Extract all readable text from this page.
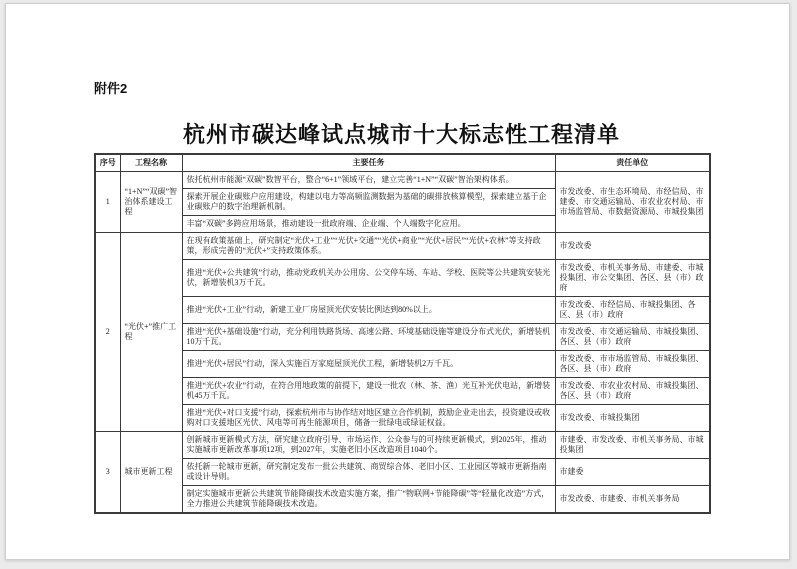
附件2
杭州市碳达峰试点城市十大标志性工程清单
序号	工程名称	主要任务	责任单位
1	“1+N”“双碳”智治体系建设工程	依托杭州市能源“双碳”数智平台，整合“6+1”领域平台，建立完善“1+N”“双碳”智治架构体系。	市发改委、市生态环境局、市经信局、市建委、市交通运输局、市农业农村局、市市场监管局、市数据资源局、市城投集团
		探索开展企业碳账户应用建设，构建以电力等高频监测数据为基础的碳排放核算模型，探索建立基于企业碳账户的数字治理新机制。	
		丰富“双碳”多跨应用场景，推动建设一批政府端、企业端、个人端数字化应用。	
2	“光伏+”推广工程	在现有政策基础上，研究制定“光伏+工业”“光伏+交通”“光伏+商业”“光伏+居民”“光伏+农林”等支持政策，形成完善的“光伏+”支持政策体系。	市发改委
		推进“光伏+公共建筑”行动，推动党政机关办公用房、公交停车场、车站、学校、医院等公共建筑安装光伏，新增装机3万千瓦。	市发改委、市机关事务局、市建委、市城投集团、市公交集团、各区、县（市）政府
		推进“光伏+工业”行动，新建工业厂房屋顶光伏安装比例达到80%以上。	市发改委、市经信局、市城投集团、各区、县（市）政府
		推进“光伏+基础设施”行动，充分利用铁路货场、高速公路、环境基础设施等建设分布式光伏，新增装机10万千瓦。	市发改委、市交通运输局、市城投集团、各区、县（市）政府
		推进“光伏+居民”行动，深入实施百万家庭屋顶光伏工程，新增装机2万千瓦。	市发改委、市市场监管局、市城投集团、各区、县（市）政府
		推进“光伏+农业”行动，在符合用地政策的前提下，建设一批农（林、茶、渔）光互补光伏电站，新增装机45万千瓦。	市发改委、市农业农村局、市城投集团、各区、县（市）政府
		推进“光伏+对口支援”行动，探索杭州市与协作结对地区建立合作机制，鼓励企业走出去，投资建设或收购对口支援地区光伏、风电等可再生能源项目，储备一批绿电或绿证权益。	市发改委、市城投集团
3	城市更新工程	创新城市更新模式方法，研究建立政府引导、市场运作、公众参与的可持续更新模式，到2025年，推动实施城市更新改革事项12项，到2027年，实施老旧小区改造项目1040个。	市建委、市发改委、市机关事务局、市城投集团
		依托新一轮城市更新，研究制定发布一批公共建筑、商贸综合体、老旧小区、工业园区等城市更新指南或设计导则。	市建委
		制定实施城市更新公共建筑节能降碳技术改造实施方案，推广“物联网+节能降碳”等“轻量化改造”方式，全力推进公共建筑节能降碳技术改造。	市发改委、市建委、市机关事务局
